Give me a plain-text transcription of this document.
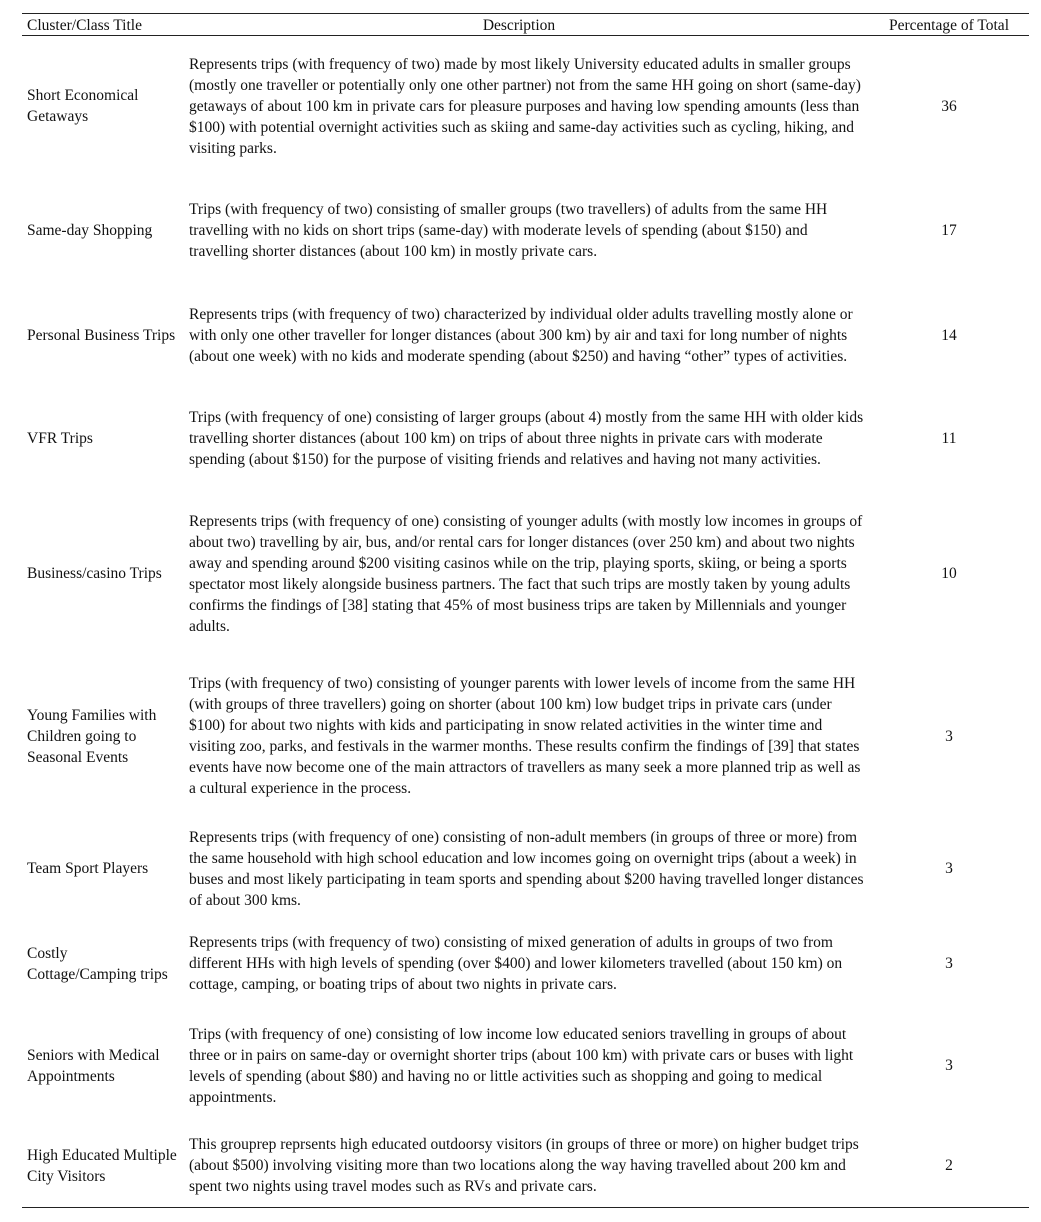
Cluster/Class Title	Description	Percentage of Total
Short Economical Getaways
Represents trips (with frequency of two) made by most likely University educated adults in smaller groups (mostly one traveller or potentially only one other partner) not from the same HH going on short (same-day) getaways of about 100 km in private cars for pleasure purposes and having low spending amounts (less than $100) with potential overnight activities such as skiing and same-day activities such as cycling, hiking, and visiting parks.
36
Same-day Shopping
Trips (with frequency of two) consisting of smaller groups (two travellers) of adults from the same HH travelling with no kids on short trips (same-day) with moderate levels of spending (about $150) and travelling shorter distances (about 100 km) in mostly private cars.
17
Personal Business Trips
Represents trips (with frequency of two) characterized by individual older adults travelling mostly alone or with only one other traveller for longer distances (about 300 km) by air and taxi for long number of nights (about one week) with no kids and moderate spending (about $250) and having “other” types of activities.
14
VFR Trips
Trips (with frequency of one) consisting of larger groups (about 4) mostly from the same HH with older kids travelling shorter distances (about 100 km) on trips of about three nights in private cars with moderate spending (about $150) for the purpose of visiting friends and relatives and having not many activities.
11
Business/casino Trips
Represents trips (with frequency of one) consisting of younger adults (with mostly low incomes in groups of about two) travelling by air, bus, and/or rental cars for longer distances (over 250 km) and about two nights away and spending around $200 visiting casinos while on the trip, playing sports, skiing, or being a sports spectator most likely alongside business partners. The fact that such trips are mostly taken by young adults confirms the findings of [38] stating that 45% of most business trips are taken by Millennials and younger adults.
10
Young Families with Children going to Seasonal Events
Trips (with frequency of two) consisting of younger parents with lower levels of income from the same HH (with groups of three travellers) going on shorter (about 100 km) low budget trips in private cars (under $100) for about two nights with kids and participating in snow related activities in the winter time and visiting zoo, parks, and festivals in the warmer months. These results confirm the findings of [39] that states events have now become one of the main attractors of travellers as many seek a more planned trip as well as a cultural experience in the process.
3
Team Sport Players
Represents trips (with frequency of one) consisting of non-adult members (in groups of three or more) from the same household with high school education and low incomes going on overnight trips (about a week) in buses and most likely participating in team sports and spending about $200 having travelled longer distances of about 300 kms.
3
Costly Cottage/Camping trips
Represents trips (with frequency of two) consisting of mixed generation of adults in groups of two from different HHs with high levels of spending (over $400) and lower kilometers travelled (about 150 km) on cottage, camping, or boating trips of about two nights in private cars.
3
Seniors with Medical Appointments
Trips (with frequency of one) consisting of low income low educated seniors travelling in groups of about three or in pairs on same-day or overnight shorter trips (about 100 km) with private cars or buses with light levels of spending (about $80) and having no or little activities such as shopping and going to medical appointments.
3
High Educated Multiple City Visitors
This grouprep reprsents high educated outdoorsy visitors (in groups of three or more) on higher budget trips (about $500) involving visiting more than two locations along the way having travelled about 200 km and spent two nights using travel modes such as RVs and private cars.
2
